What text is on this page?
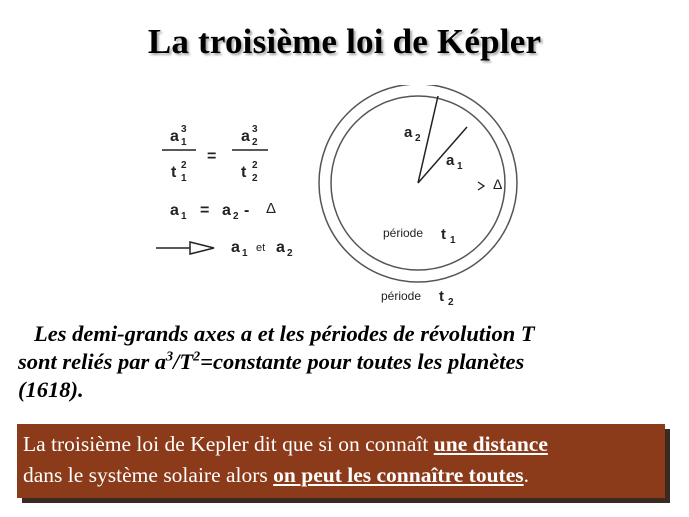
La troisième loi de Képler
a 1
3
t 1
2
=
a 2
3
t 2
2
a 1 = a 2 - Δ
a 1 et a 2
a 2
a 1
Δ
période t 1
période t 2
Les demi-grands axes a et les périodes de révolution T
sont reliés par $a^3/T^2=constante$ pour toutes les planètes
(1618).
La troisième loi de Kepler dit que si on connaît une distance
dans le système solaire alors on peut les connaître toutes.
